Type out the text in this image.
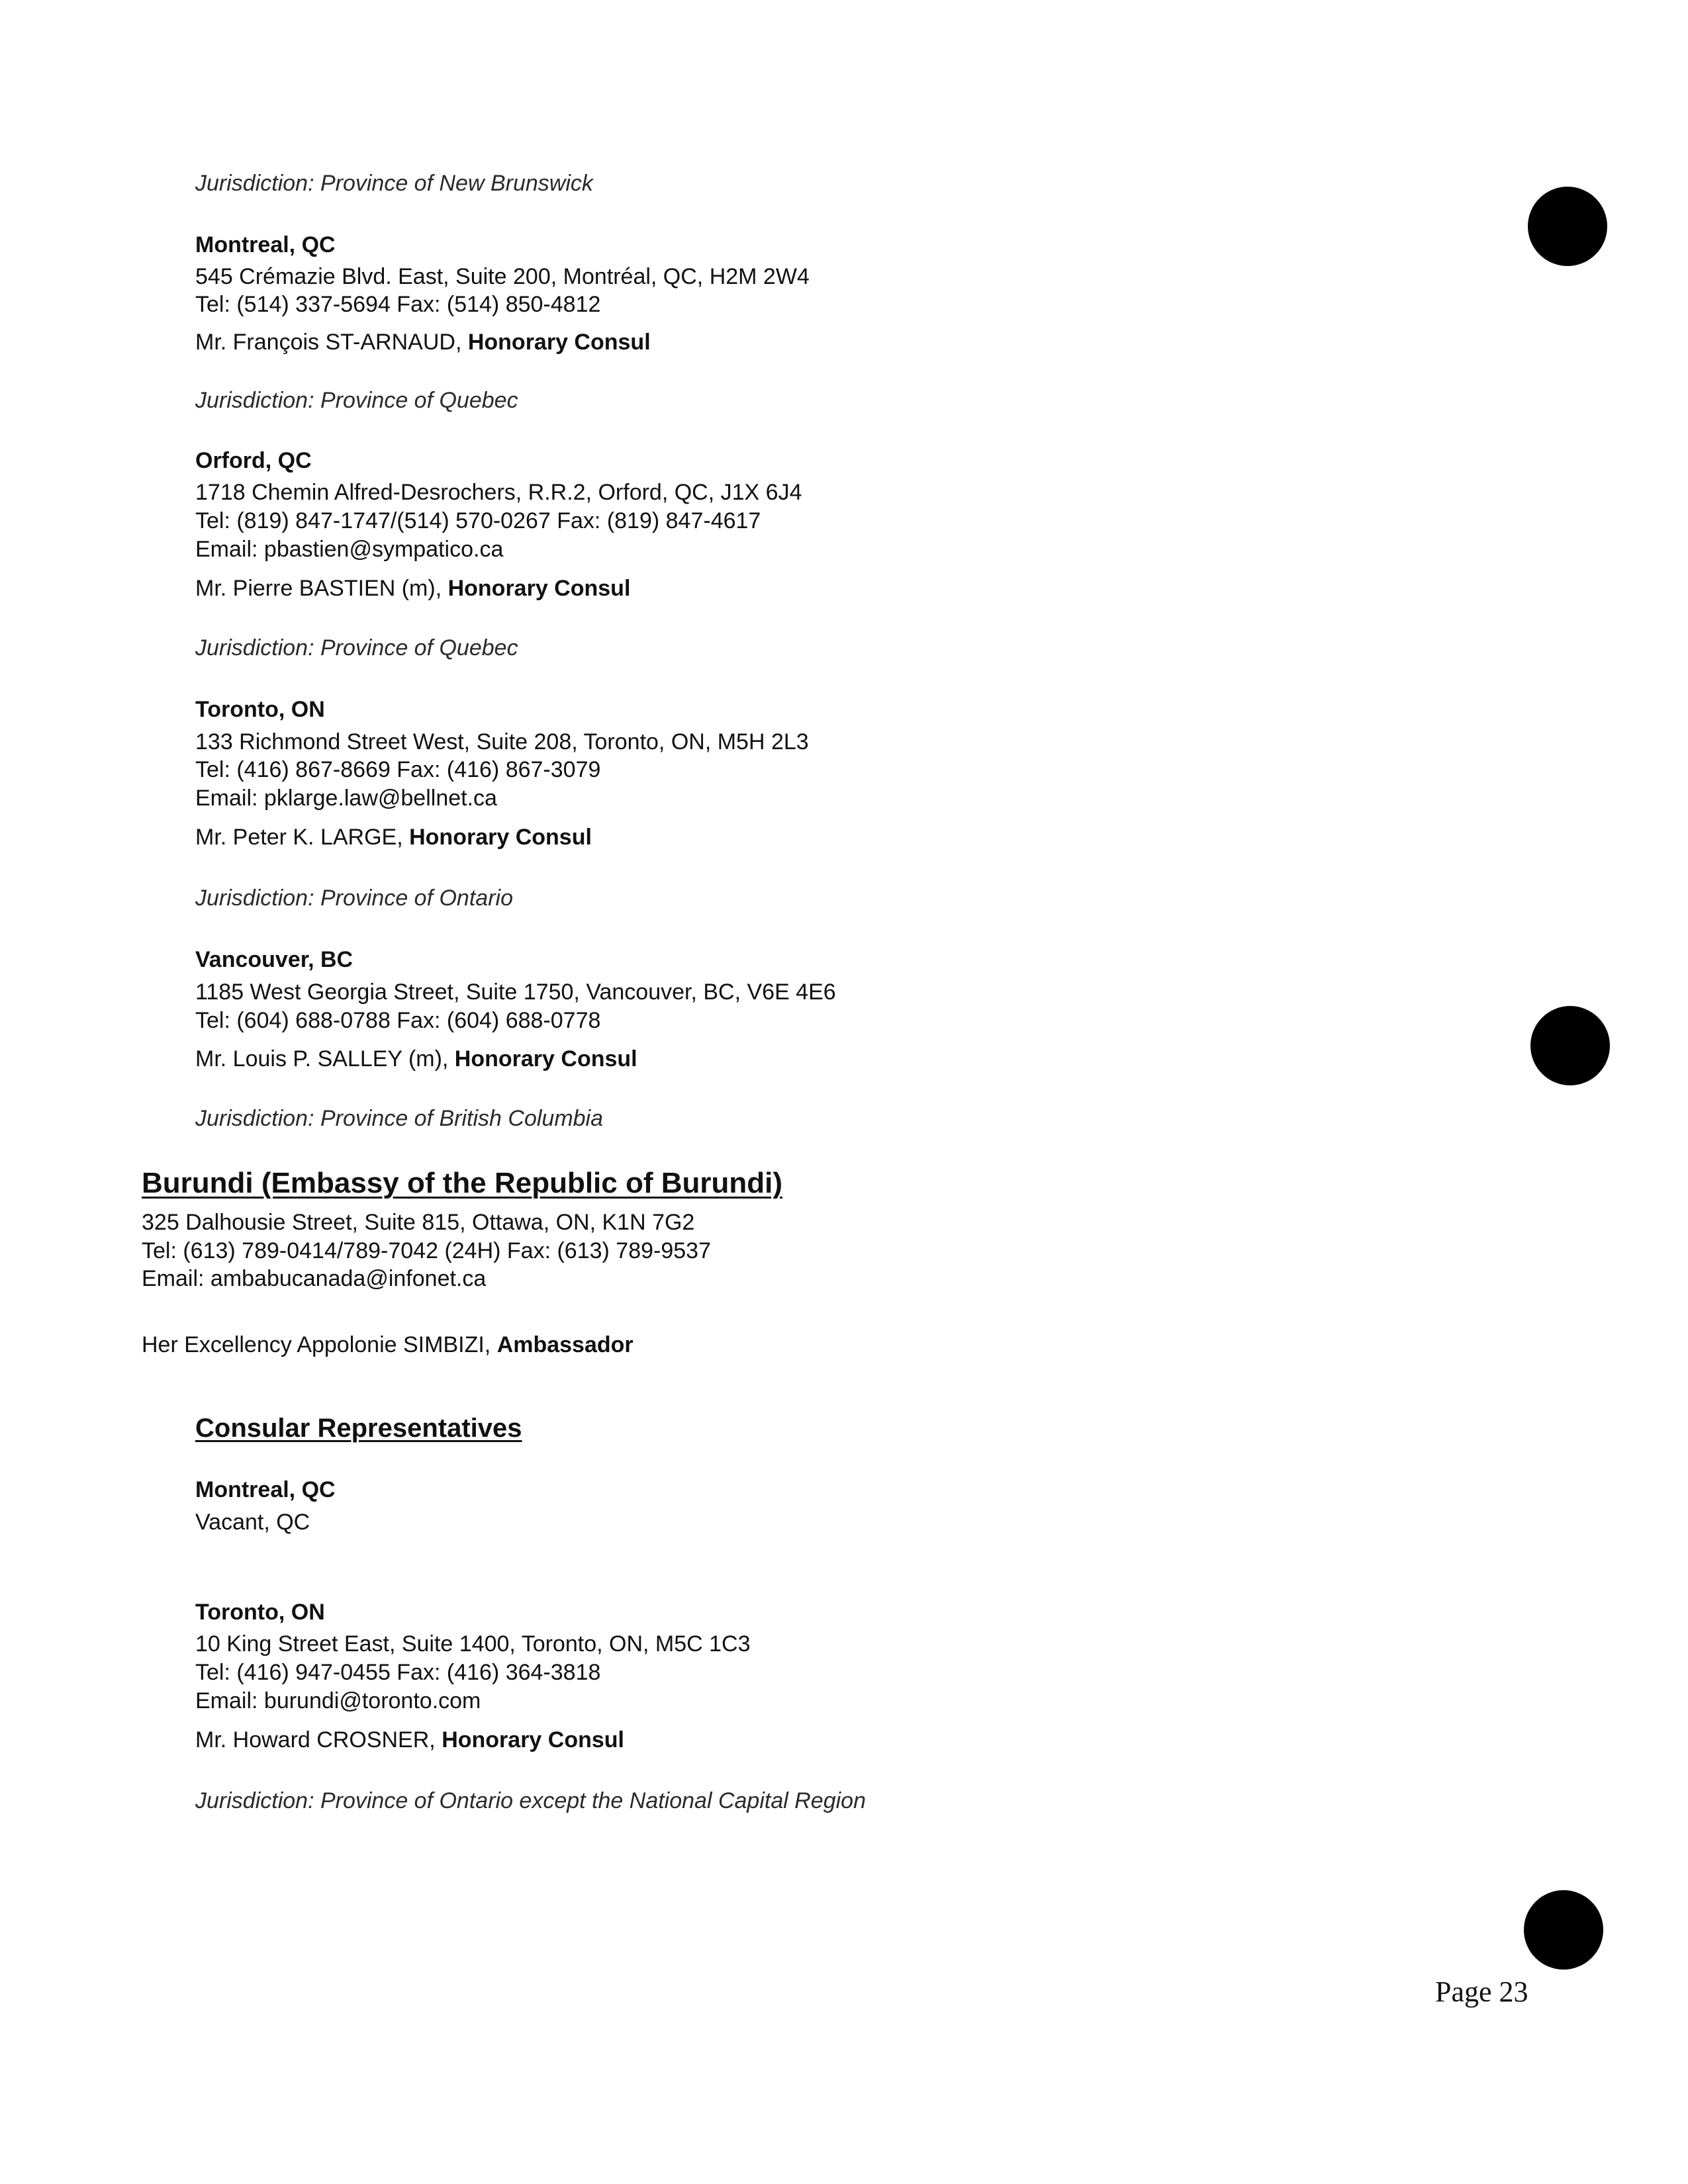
Jurisdiction: Province of New Brunswick
Montreal, QC
545 Crémazie Blvd. East, Suite 200, Montréal, QC, H2M 2W4
Tel: (514) 337-5694 Fax: (514) 850-4812
Mr. François ST-ARNAUD, Honorary Consul
Jurisdiction: Province of Quebec
Orford, QC
1718 Chemin Alfred-Desrochers, R.R.2, Orford, QC, J1X 6J4
Tel: (819) 847-1747/(514) 570-0267 Fax: (819) 847-4617
Email: pbastien@sympatico.ca
Mr. Pierre BASTIEN (m), Honorary Consul
Jurisdiction: Province of Quebec
Toronto, ON
133 Richmond Street West, Suite 208, Toronto, ON, M5H 2L3
Tel: (416) 867-8669 Fax: (416) 867-3079
Email: pklarge.law@bellnet.ca
Mr. Peter K. LARGE, Honorary Consul
Jurisdiction: Province of Ontario
Vancouver, BC
1185 West Georgia Street, Suite 1750, Vancouver, BC, V6E 4E6
Tel: (604) 688-0788 Fax: (604) 688-0778
Mr. Louis P. SALLEY (m), Honorary Consul
Jurisdiction: Province of British Columbia
Burundi (Embassy of the Republic of Burundi)
325 Dalhousie Street, Suite 815, Ottawa, ON, K1N 7G2
Tel: (613) 789-0414/789-7042 (24H) Fax: (613) 789-9537
Email: ambabucanada@infonet.ca
Her Excellency Appolonie SIMBIZI, Ambassador
Consular Representatives
Montreal, QC
Vacant, QC
Toronto, ON
10 King Street East, Suite 1400, Toronto, ON, M5C 1C3
Tel: (416) 947-0455 Fax: (416) 364-3818
Email: burundi@toronto.com
Mr. Howard CROSNER, Honorary Consul
Jurisdiction: Province of Ontario except the National Capital Region
Page 23
